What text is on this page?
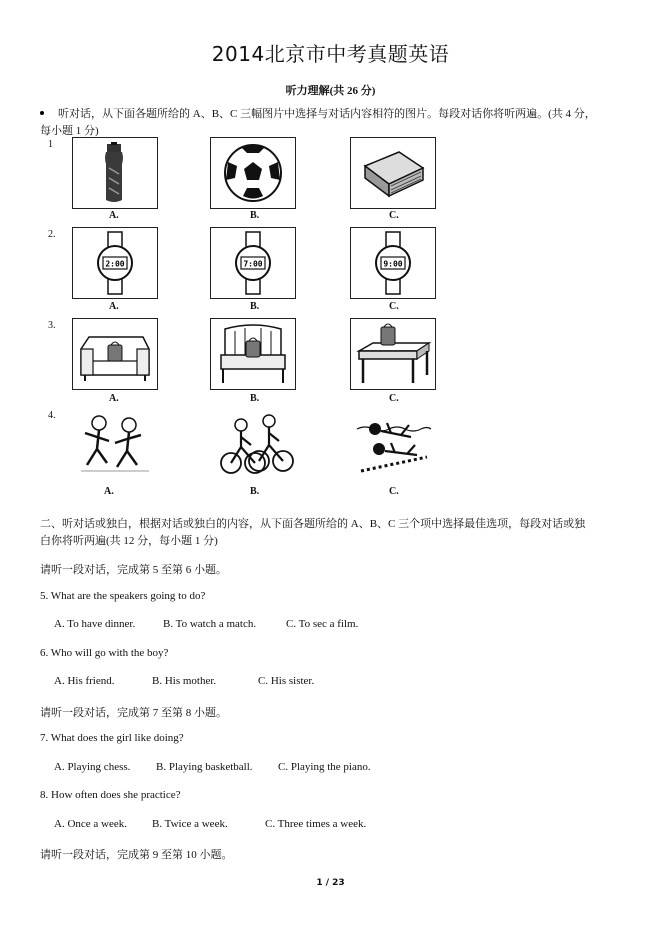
2014北京市中考真题英语
听力理解(共 26 分)
听对话，从下面各题所给的 A、B、C 三幅图片中选择与对话内容相符的图片。每段对话你将听两遍。(共 4 分，
每小题 1 分)
1
A.	B.	C.
2.
2:00	7:00	9:00
A.	B.	C.
3.
A.	B.	C.
4.
A.	B.	C.
二、听对话或独白，根据对话或独白的内容，从下面各题所给的 A、B、C 三个项中选择最佳选项，每段对话或独
白你将听两遍(共 12 分，每小题 1 分)
请听一段对话，完成第 5 至第 6 小题。
5. What are the speakers going to do?
A. To have dinner.	B. To watch a match.	C. To sec a film.
6. Who will go with the boy?
A. His friend.	B. His mother.	C. His sister.
请听一段对话，完成第 7 至第 8 小题。
7. What does the girl like doing?
A. Playing chess. B. Playing basketball. C. Playing the piano.
8. How often does she practice?
A. Once a week. B. Twice a week.	C. Three times a week.
请听一段对话，完成第 9 至第 10 小题。
1 / 23
